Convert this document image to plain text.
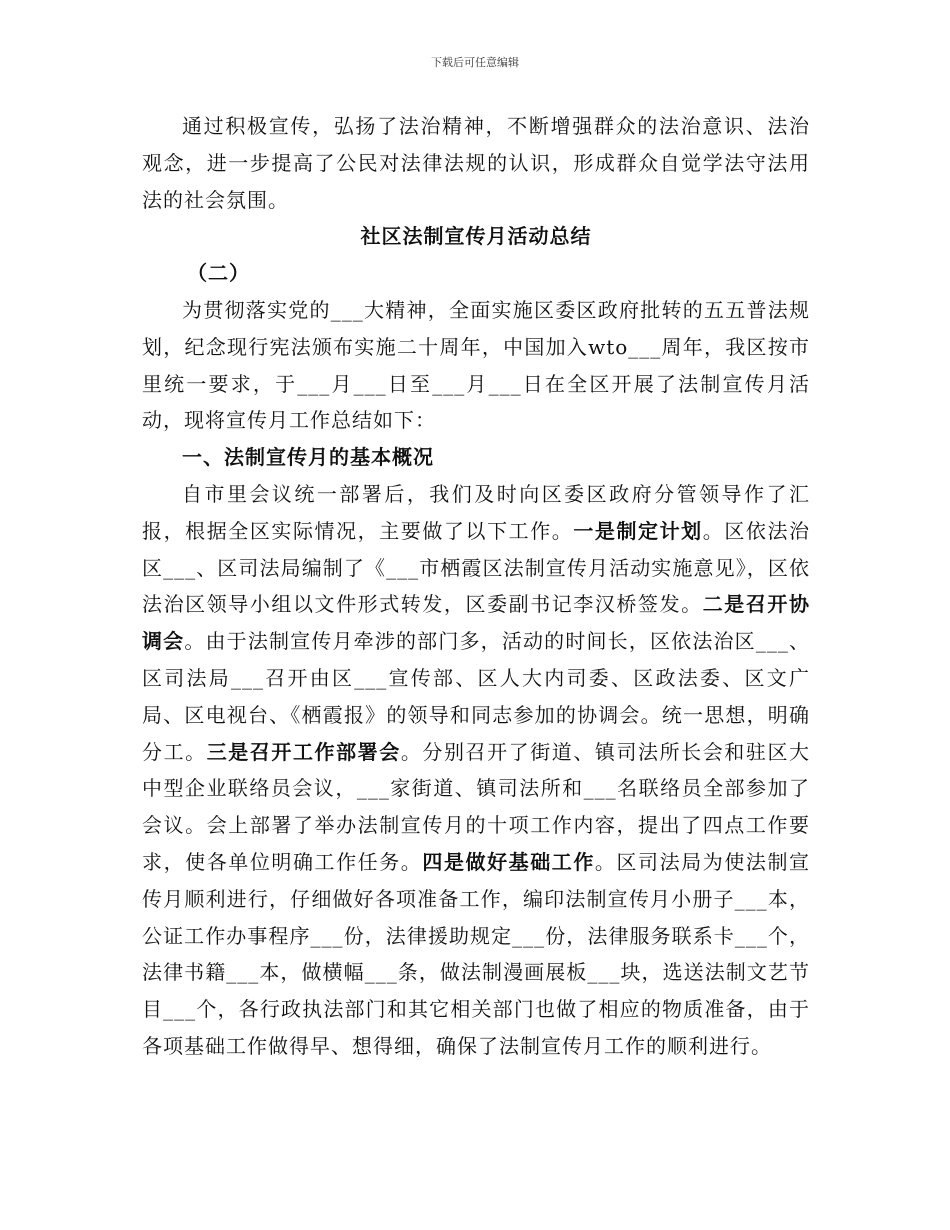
下载后可任意编辑

通过积极宣传，弘扬了法治精神，不断增强群众的法治意识、法治观念，进一步提高了公民对法律法规的认识，形成群众自觉学法守法用法的社会氛围。

社区法制宣传月活动总结

（二）

为贯彻落实党的___大精神，全面实施区委区政府批转的五五普法规划，纪念现行宪法颁布实施二十周年，中国加入wto___周年，我区按市里统一要求，于___月___日至___月___日在全区开展了法制宣传月活动，现将宣传月工作总结如下：

一、法制宣传月的基本概况

自市里会议统一部署后，我们及时向区委区政府分管领导作了汇报，根据全区实际情况，主要做了以下工作。一是制定计划。区依法治区___、区司法局编制了《___市栖霞区法制宣传月活动实施意见》，区依法治区领导小组以文件形式转发，区委副书记李汉桥签发。二是召开协调会。由于法制宣传月牵涉的部门多，活动的时间长，区依法治区___、区司法局___召开由区___宣传部、区人大内司委、区政法委、区文广局、区电视台、《栖霞报》的领导和同志参加的协调会。统一思想，明确分工。三是召开工作部署会。分别召开了街道、镇司法所长会和驻区大中型企业联络员会议，___家街道、镇司法所和___名联络员全部参加了会议。会上部署了举办法制宣传月的十项工作内容，提出了四点工作要求，使各单位明确工作任务。四是做好基础工作。区司法局为使法制宣传月顺利进行，仔细做好各项准备工作，编印法制宣传月小册子___本，公证工作办事程序___份，法律援助规定___份，法律服务联系卡___个，法律书籍___本，做横幅___条，做法制漫画展板___块，选送法制文艺节目___个，各行政执法部门和其它相关部门也做了相应的物质准备，由于各项基础工作做得早、想得细，确保了法制宣传月工作的顺利进行。
